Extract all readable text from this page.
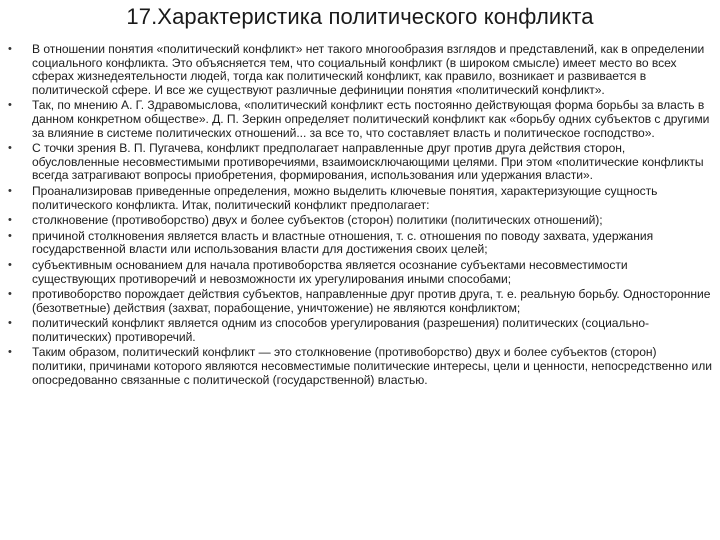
17.Характеристика политического конфликта
•	В отношении понятия «политический конфликт» нет такого многообразия взглядов и представлений, как в определении социального конфликта. Это объясняется тем, что социальный конфликт (в широком смысле) имеет место во всех сферах жизнедеятельности людей, тогда как политический конфликт, как правило, возникает и развивается в политической сфере. И все же существуют различные дефиниции понятия «политический конфликт».
•	Так, по мнению А. Г. Здравомыслова, «политический конфликт есть постоянно действующая форма борьбы за власть в данном конкретном обществе». Д. П. Зеркин определяет политический конфликт как «борьбу одних субъектов с другими за влияние в системе политических отношений... за все то, что составляет власть и политическое господство».
•	С точки зрения В. П. Пугачева, конфликт предполагает направленные друг против друга действия сторон, обусловленные несовместимыми противоречиями, взаимоисключающими целями. При этом «политические конфликты всегда затрагивают вопросы приобретения, формирования, использования или удержания власти».
•	Проанализировав приведенные определения, можно выделить ключевые понятия, характеризующие сущность политического конфликта. Итак, политический конфликт предполагает:
•	столкновение (противоборство) двух и более субъектов (сторон) политики (политических отношений);
•	причиной столкновения является власть и властные отношения, т. с. отношения по поводу захвата, удержания государственной власти или использования власти для достижения своих целей;
•	субъективным основанием для начала противоборства является осознание субъектами несовместимости существующих противоречий и невозможности их урегулирования иными способами;
•	противоборство порождает действия субъектов, направленные друг против друга, т. е. реальную борьбу. Односторонние (безответные) действия (захват, порабощение, уничтожение) не являются конфликтом;
•	политический конфликт является одним из способов урегулирования (разрешения) политических (социально-политических) противоречий.
•	Таким образом, политический конфликт — это столкновение (противоборство) двух и более субъектов (сторон) политики, причинами которого являются несовместимые политические интересы, цели и ценности, непосредственно или опосредованно связанные с политической (государственной) властью.
